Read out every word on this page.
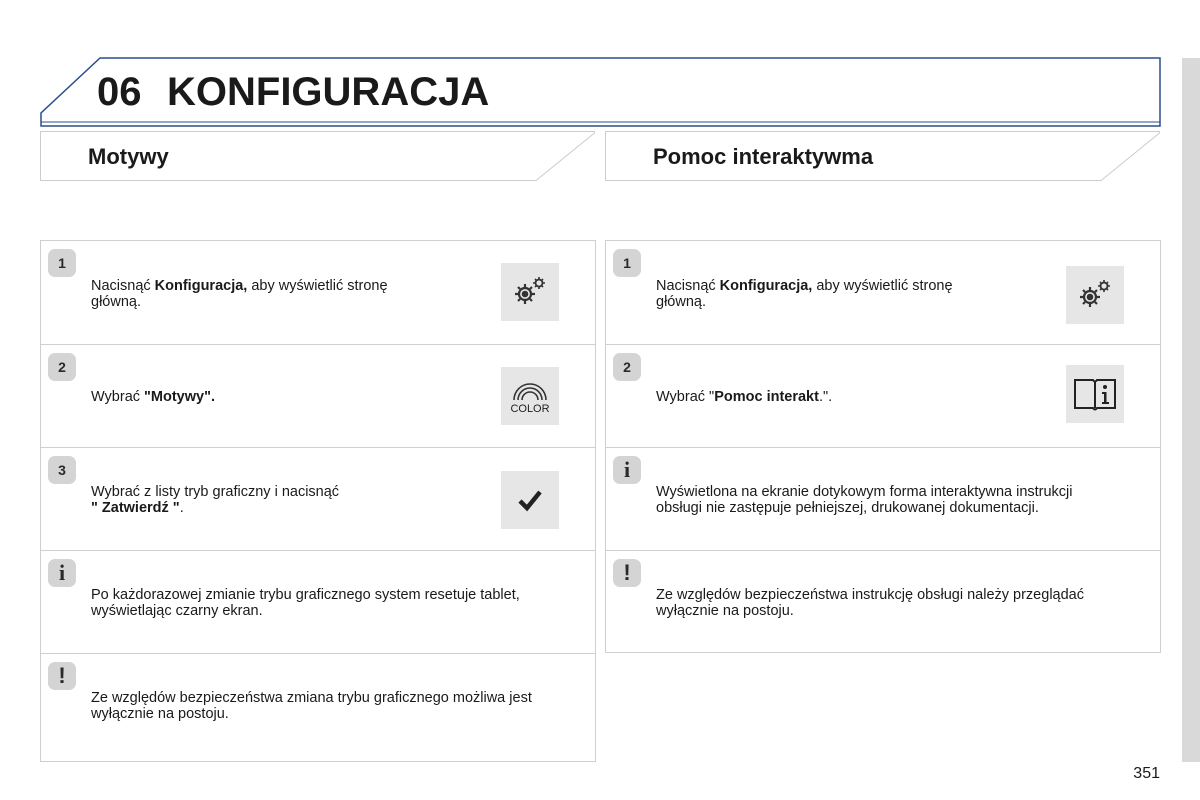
06 KONFIGURACJA
Motywy	Pomoc interaktywma
1
Nacisnąć Konfiguracja, aby wyświetlić stronę
główną.
2
Wybrać "Motywy".
COLOR
3
Wybrać z listy tryb graficzny i nacisnąć
" Zatwierdź ".
i
Po każdorazowej zmianie trybu graficznego system resetuje tablet,
wyświetlając czarny ekran.
!
Ze względów bezpieczeństwa zmiana trybu graficznego możliwa jest
wyłącznie na postoju.
1
Nacisnąć Konfiguracja, aby wyświetlić stronę
główną.
2
Wybrać "Pomoc interakt.".
i
Wyświetlona na ekranie dotykowym forma interaktywna instrukcji
obsługi nie zastępuje pełniejszej, drukowanej dokumentacji.
!
Ze względów bezpieczeństwa instrukcję obsługi należy przeglądać
wyłącznie na postoju.
351
